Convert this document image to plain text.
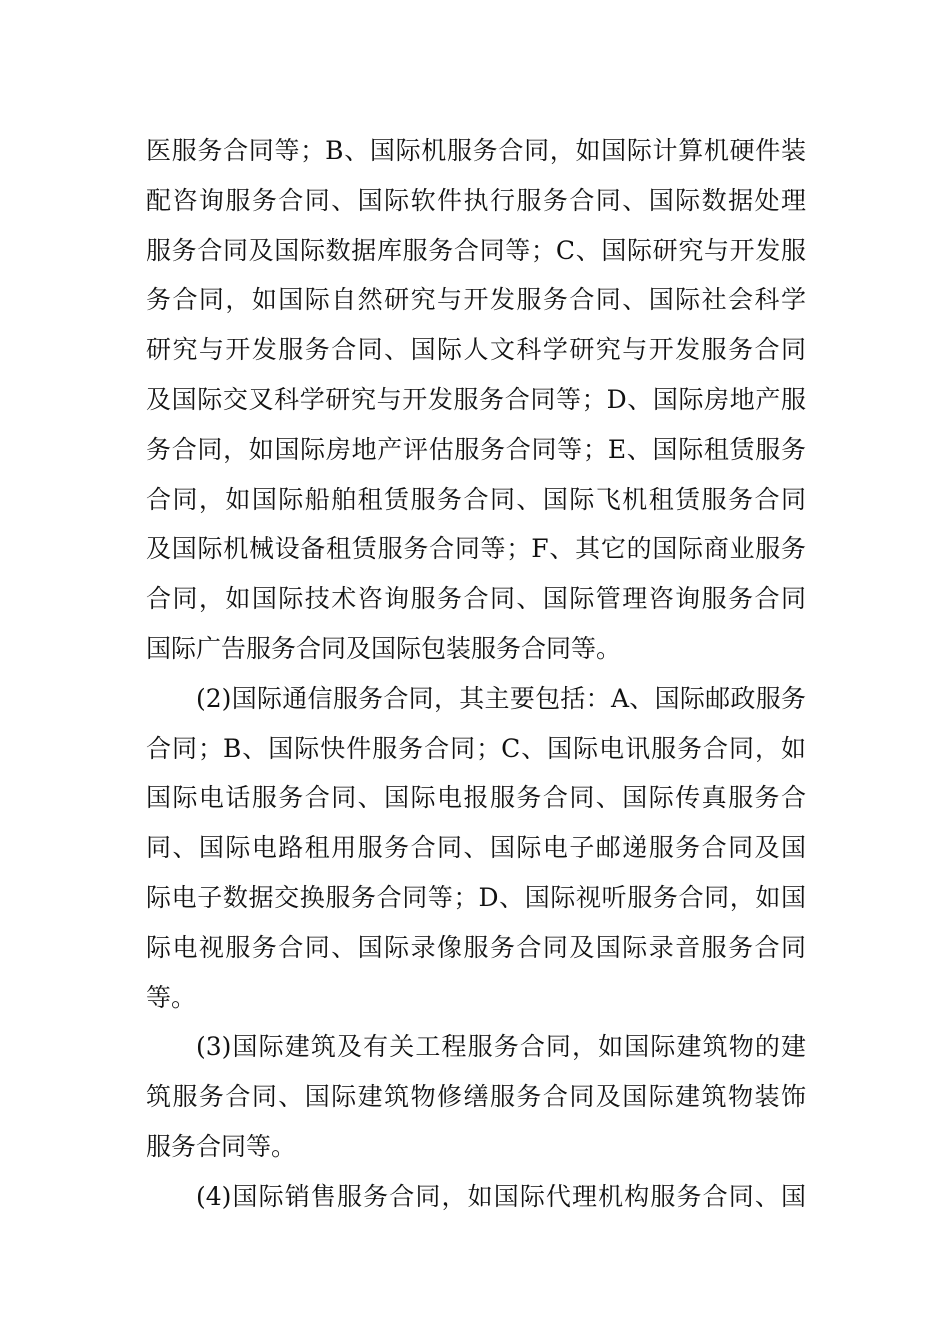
医服务合同等；B、国际机服务合同，如国际计算机硬件装
配咨询服务合同、国际软件执行服务合同、国际数据处理
服务合同及国际数据库服务合同等；C、国际研究与开发服
务合同，如国际自然研究与开发服务合同、国际社会科学
研究与开发服务合同、国际人文科学研究与开发服务合同
及国际交叉科学研究与开发服务合同等；D、国际房地产服
务合同，如国际房地产评估服务合同等；E、国际租赁服务
合同，如国际船舶租赁服务合同、国际飞机租赁服务合同
及国际机械设备租赁服务合同等；F、其它的国际商业服务
合同，如国际技术咨询服务合同、国际管理咨询服务合同
国际广告服务合同及国际包装服务合同等。
(2)国际通信服务合同，其主要包括：A、国际邮政服务
合同；B、国际快件服务合同；C、国际电讯服务合同，如
国际电话服务合同、国际电报服务合同、国际传真服务合
同、国际电路租用服务合同、国际电子邮递服务合同及国
际电子数据交换服务合同等；D、国际视听服务合同，如国
际电视服务合同、国际录像服务合同及国际录音服务合同
等。
(3)国际建筑及有关工程服务合同，如国际建筑物的建
筑服务合同、国际建筑物修缮服务合同及国际建筑物装饰
服务合同等。
(4)国际销售服务合同，如国际代理机构服务合同、国
